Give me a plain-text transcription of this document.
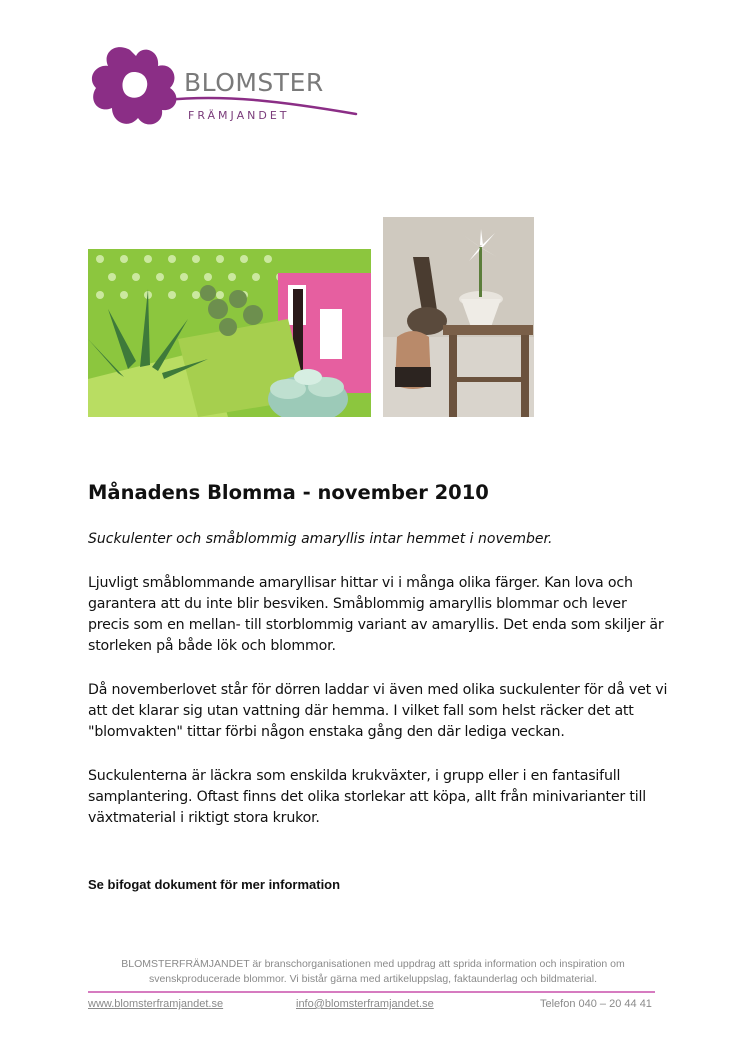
BLOMSTER
FRÄMJANDET
Månadens Blomma - november 2010

Suckulenter och småblommig amaryllis intar hemmet i november.

Ljuvligt småblommande amaryllisar hittar vi i många olika färger. Kan lova och garantera att du inte blir besviken. Småblommig amaryllis blommar och lever precis som en mellan- till storblommig variant av amaryllis. Det enda som skiljer är storleken på både lök och blommor.

Då novemberlovet står för dörren laddar vi även med olika suckulenter för då vet vi att det klarar sig utan vattning där hemma. I vilket fall som helst räcker det att "blomvakten" tittar förbi någon enstaka gång den där lediga veckan.

Suckulenterna är läckra som enskilda krukväxter, i grupp eller i en fantasifull samplantering. Oftast finns det olika storlekar att köpa, allt från minivarianter till växtmaterial i riktigt stora krukor.

Se bifogat dokument för mer information

BLOMSTERFRÄMJANDET är branschorganisationen med uppdrag att sprida information och inspiration om svenskproducerade blommor. Vi bistår gärna med artikeluppslag, faktaunderlag och bildmaterial.

www.blomsterframjandet.se	info@blomsterframjandet.se	Telefon 040 – 20 44 41
